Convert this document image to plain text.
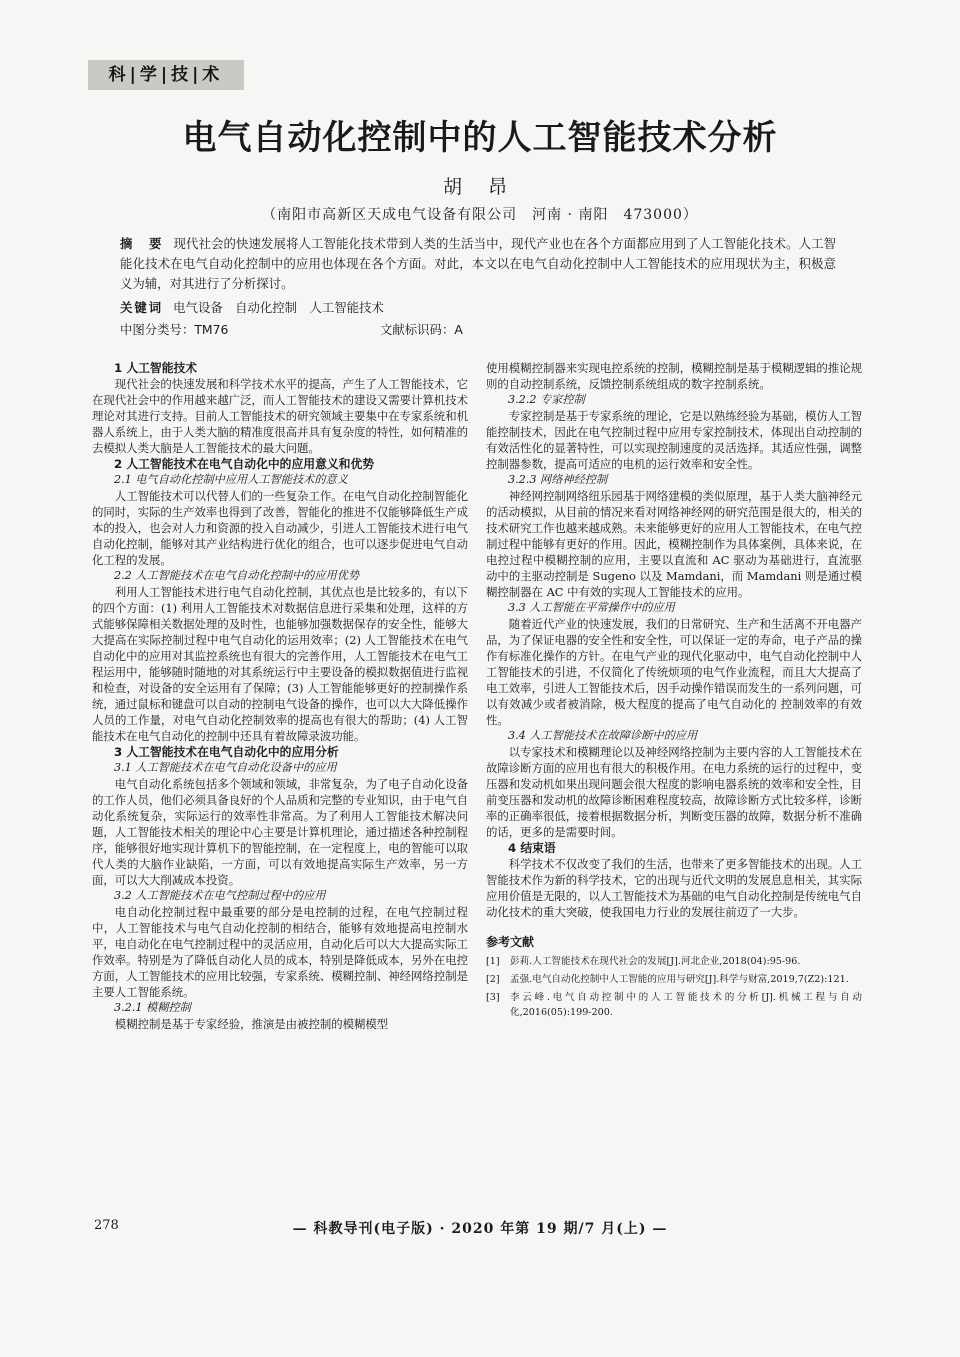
科|学|技|术
电气自动化控制中的人工智能技术分析
胡 昂
（南阳市高新区天成电气设备有限公司　河南 · 南阳　473000）
摘　要 现代社会的快速发展将人工智能化技术带到人类的生活当中，现代产业也在各个方面都应用到了人工智能化技术。人工智能化技术在电气自动化控制中的应用也体现在各个方面。对此，本文以在电气自动化控制中人工智能技术的应用现状为主，积极意义为辅，对其进行了分析探讨。
关键词 电气设备　自动化控制　人工智能技术
中图分类号：TM76	文献标识码：A
1 人工智能技术

现代社会的快速发展和科学技术水平的提高，产生了人工智能技术，它在现代社会中的作用越来越广泛，而人工智能技术的建设又需要计算机技术理论对其进行支持。目前人工智能技术的研究领域主要集中在专家系统和机器人系统上，由于人类大脑的精准度很高并具有复杂度的特性，如何精准的去模拟人类大脑是人工智能技术的最大问题。

2 人工智能技术在电气自动化中的应用意义和优势
2.1 电气自动化控制中应用人工智能技术的意义

人工智能技术可以代替人们的一些复杂工作。在电气自动化控制智能化的同时，实际的生产效率也得到了改善，智能化的推进不仅能够降低生产成本的投入，也会对人力和资源的投入自动减少，引进人工智能技术进行电气自动化控制，能够对其产业结构进行优化的组合，也可以逐步促进电气自动化工程的发展。

2.2 人工智能技术在电气自动化控制中的应用优势

利用人工智能技术进行电气自动化控制，其优点也是比较多的，有以下的四个方面：(1) 利用人工智能技术对数据信息进行采集和处理，这样的方式能够保障相关数据处理的及时性，也能够加强数据保存的安全性，能够大大提高在实际控制过程中电气自动化的运用效率；(2) 人工智能技术在电气自动化中的应用对其监控系统也有很大的完善作用，人工智能技术在电气工程运用中，能够随时随地的对其系统运行中主要设备的模拟数据值进行监视和检查，对设备的安全运用有了保障；(3) 人工智能能够更好的控制操作系统，通过鼠标和键盘可以自动的控制电气设备的操作，也可以大大降低操作人员的工作量，对电气自动化控制效率的提高也有很大的帮助；(4) 人工智能技术在电气自动化的控制中还具有着故障录波功能。

3 人工智能技术在电气自动化中的应用分析
3.1 人工智能技术在电气自动化设备中的应用

电气自动化系统包括多个领域和领域，非常复杂，为了电子自动化设备的工作人员，他们必须具备良好的个人品质和完整的专业知识，由于电气自动化系统复杂，实际运行的效率性非常高。为了利用人工智能技术解决问题，人工智能技术相关的理论中心主要是计算机理论，通过描述各种控制程序，能够很好地实现计算机下的智能控制，在一定程度上，电的智能可以取代人类的大脑作业缺陷，一方面，可以有效地提高实际生产效率，另一方面，可以大大削减成本投资。

3.2 人工智能技术在电气控制过程中的应用

电自动化控制过程中最重要的部分是电控制的过程，在电气控制过程中，人工智能技术与电气自动化控制的相结合，能够有效地提高电控制水平，电自动化在电气控制过程中的灵活应用，自动化后可以大大提高实际工作效率。特别是为了降低自动化人员的成本，特别是降低成本，另外在电控方面，人工智能技术的应用比较强，专家系统、模糊控制、神经网络控制是主要人工智能系统。

3.2.1 模糊控制

模糊控制是基于专家经验，推演是由被控制的模糊模型

使用模糊控制器来实现电控系统的控制，模糊控制是基于模糊逻辑的推论规则的自动控制系统，反馈控制系统组成的数字控制系统。

3.2.2 专家控制

专家控制是基于专家系统的理论，它是以熟练经验为基础，模仿人工智能控制技术，因此在电气控制过程中应用专家控制技术，体现出自动控制的有效活性化的显著特性，可以实现控制速度的灵活选择。其适应性强，调整控制器参数，提高可适应的电机的运行效率和安全性。

3.2.3 网络神经控制

神经网控制网络纽乐园基于网络建模的类似原理，基于人类大脑神经元的活动模拟，从目前的情况来看对网络神经网的研究范围是很大的，相关的技术研究工作也越来越成熟。未来能够更好的应用人工智能技术，在电气控制过程中能够有更好的作用。因此，模糊控制作为具体案例，具体来说，在电控过程中模糊控制的应用，主要以直流和 AC 驱动为基础进行，直流驱动中的主驱动控制是 Sugeno 以及 Mamdani，而 Mamdani 则是通过模糊控制器在 AC 中有效的实现人工智能技术的应用。

3.3 人工智能在平常操作中的应用

随着近代产业的快速发展，我们的日常研究、生产和生活离不开电器产品，为了保证电器的安全性和安全性，可以保证一定的寿命，电子产品的操作有标准化操作的方针。在电气产业的现代化驱动中，电气自动化控制中人工智能技术的引进，不仅简化了传统烦项的电气作业流程，而且大大提高了电工效率，引进人工智能技术后，因手动操作错误而发生的一系列问题，可以有效减少或者被消除，极大程度的提高了电气自动化的 控制效率的有效性。

3.4 人工智能技术在故障诊断中的应用

以专家技术和模糊理论以及神经网络控制为主要内容的人工智能技术在故障诊断方面的应用也有很大的积极作用。在电力系统的运行的过程中，变压器和发动机如果出现问题会很大程度的影响电器系统的效率和安全性，目前变压器和发动机的故障诊断困难程度较高，故障诊断方式比较多样，诊断率的正确率很低，接着根据数据分析，判断变压器的故障，数据分析不准确的话，更多的是需要时间。

4 结束语

科学技术不仅改变了我们的生活，也带来了更多智能技术的出现。人工智能技术作为新的科学技术，它的出现与近代文明的发展息息相关，其实际应用价值是无限的，以人工智能技术为基础的电气自动化控制是传统电气自动化技术的重大突破，使我国电力行业的发展往前迈了一大步。

参考文献
[1]	彭莉.人工智能技术在现代社会的发展[J].河北企业,2018(04):95-96.
[2]	孟强.电气自动化控制中人工智能的应用与研究[J].科学与财富,2019,7(Z2):121.
[3]	李云峰.电气自动控制中的人工智能技术的分析[J].机械工程与自动化,2016(05):199-200.
278	— 科教导刊(电子版) · 2020 年第 19 期/7 月(上) —
